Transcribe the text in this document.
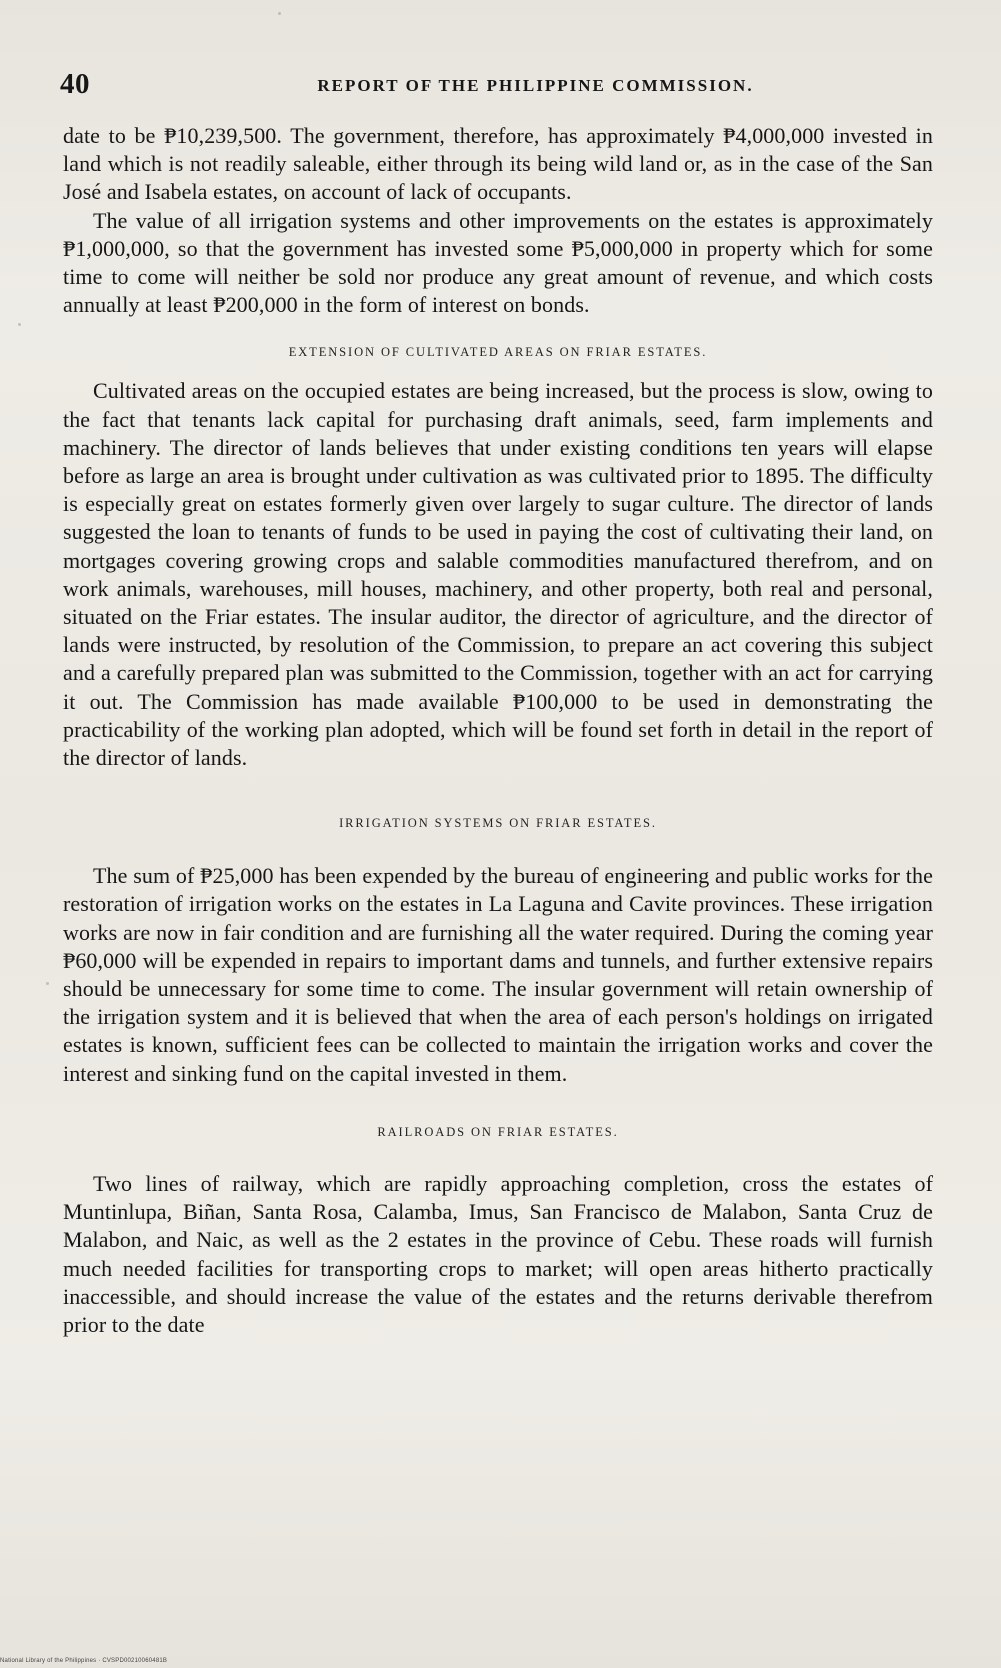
40	REPORT OF THE PHILIPPINE COMMISSION.

date to be ₱10,239,500. The government, therefore, has approximately ₱4,000,000 invested in land which is not readily saleable, either through its being wild land or, as in the case of the San José and Isabela estates, on account of lack of occupants.

The value of all irrigation systems and other improvements on the estates is approximately ₱1,000,000, so that the government has invested some ₱5,000,000 in property which for some time to come will neither be sold nor produce any great amount of revenue, and which costs annually at least ₱200,000 in the form of interest on bonds.

EXTENSION OF CULTIVATED AREAS ON FRIAR ESTATES.

Cultivated areas on the occupied estates are being increased, but the process is slow, owing to the fact that tenants lack capital for purchasing draft animals, seed, farm implements and machinery. The director of lands believes that under existing conditions ten years will elapse before as large an area is brought under cultivation as was cultivated prior to 1895. The difficulty is especially great on estates formerly given over largely to sugar culture. The director of lands suggested the loan to tenants of funds to be used in paying the cost of cultivating their land, on mortgages covering growing crops and salable commodities manufactured therefrom, and on work animals, warehouses, mill houses, machinery, and other property, both real and personal, situated on the Friar estates. The insular auditor, the director of agriculture, and the director of lands were instructed, by resolution of the Commission, to prepare an act covering this subject and a carefully prepared plan was submitted to the Commission, together with an act for carrying it out. The Commission has made available ₱100,000 to be used in demonstrating the practicability of the working plan adopted, which will be found set forth in detail in the report of the director of lands.

IRRIGATION SYSTEMS ON FRIAR ESTATES.

The sum of ₱25,000 has been expended by the bureau of engineering and public works for the restoration of irrigation works on the estates in La Laguna and Cavite provinces. These irrigation works are now in fair condition and are furnishing all the water required. During the coming year ₱60,000 will be expended in repairs to important dams and tunnels, and further extensive repairs should be unnecessary for some time to come. The insular government will retain ownership of the irrigation system and it is believed that when the area of each person's holdings on irrigated estates is known, sufficient fees can be collected to maintain the irrigation works and cover the interest and sinking fund on the capital invested in them.

RAILROADS ON FRIAR ESTATES.

Two lines of railway, which are rapidly approaching completion, cross the estates of Muntinlupa, Biñan, Santa Rosa, Calamba, Imus, San Francisco de Malabon, Santa Cruz de Malabon, and Naic, as well as the 2 estates in the province of Cebu. These roads will furnish much needed facilities for transporting crops to market; will open areas hitherto practically inaccessible, and should increase the value of the estates and the returns derivable therefrom prior to the date

National Library of the Philippines · CVSPD00210060481B
